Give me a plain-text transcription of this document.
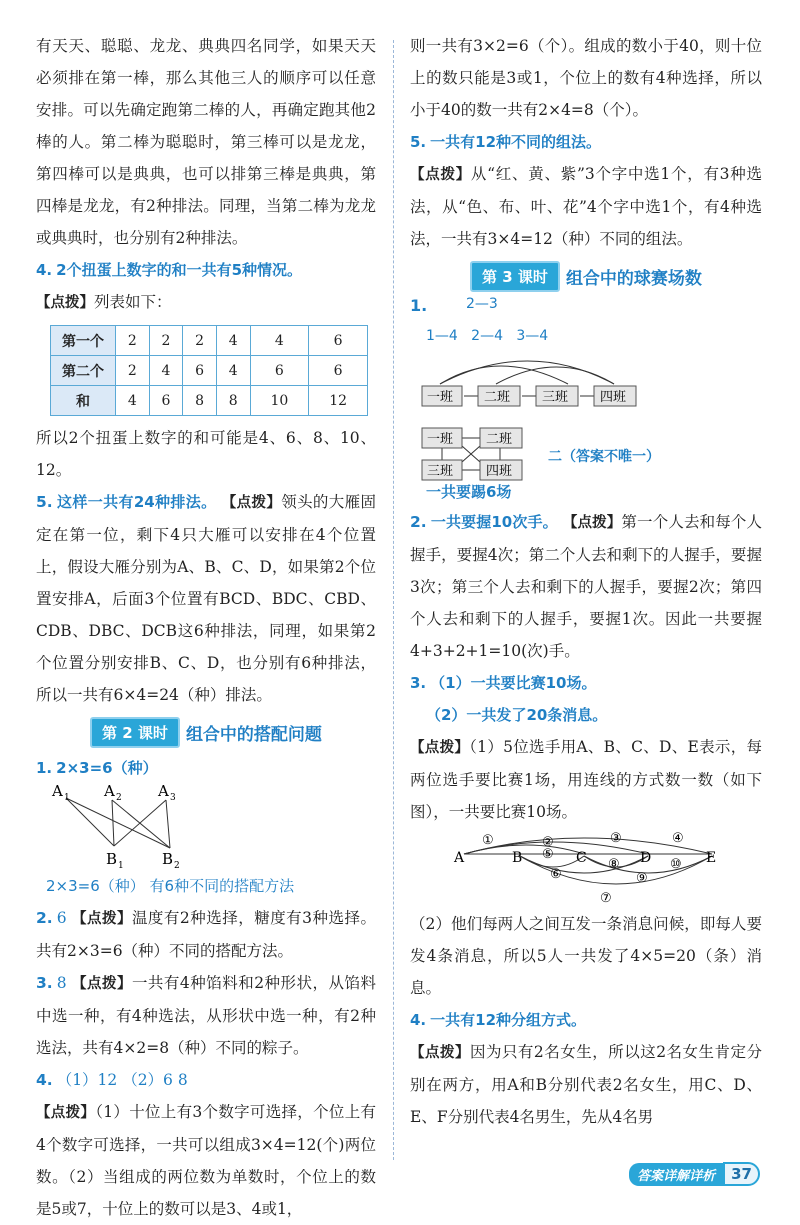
有天天、聪聪、龙龙、典典四名同学，如果天天必须排在第一棒，那么其他三人的顺序可以任意安排。可以先确定跑第二棒的人，再确定跑其他2棒的人。第二棒为聪聪时，第三棒可以是龙龙，第四棒可以是典典，也可以排第三棒是典典，第四棒是龙龙，有2种排法。同理，当第二棒为龙龙或典典时，也分别有2种排法。

4. 2个扭蛋上数字的和一共有5种情况。

【点拨】列表如下：

第一个	2	2	2	4	4	6
第二个	2	4	6	4	6	6
和	4	6	8	8	10	12

所以2个扭蛋上数字的和可能是4、6、8、10、12。

5. 这样一共有24种排法。 【点拨】领头的大雁固定在第一位，剩下4只大雁可以安排在4个位置上，假设大雁分别为A、B、C、D，如果第2个位置安排A，后面3个位置有BCD、BDC、CBD、CDB、DBC、DCB这6种排法，同理，如果第2个位置分别安排B、C、D，也分别有6种排法，所以一共有6×4=24（种）排法。

第 2 课时	组合中的搭配问题

1. 2×3=6（种）

A 1 A 2 A 3
B 1	B 2

2×3=6（种） 有6种不同的搭配方法

2. 6 【点拨】温度有2种选择，糖度有3种选择。共有2×3=6（种）不同的搭配方法。

3. 8 【点拨】一共有4种馅料和2种形状，从馅料中选一种，有4种选法，从形状中选一种，有2种选法，共有4×2=8（种）不同的粽子。

4. （1）12 （2）6 8

【点拨】（1）十位上有3个数字可选择，个位上有4个数字可选择，一共可以组成3×4=12(个)两位数。（2）当组成的两位数为单数时，个位上的数是5或7，十位上的数可以是3、4或1，

则一共有3×2=6（个）。组成的数小于40，则十位上的数只能是3或1，个位上的数有4种选择，所以小于40的数一共有2×4=8（个）。

5. 一共有12种不同的组法。

【点拨】从“红、黄、紫”3个字中选1个，有3种选法，从“色、布、叶、花”4个字中选1个，有4种选法，一共有3×4=12（种）不同的组法。

第 3 课时	组合中的球赛场数
1.	2—3
1—4   2—4   3—4
一班 二班 三班 四班
一班	二班
三班	四班
二（答案不唯一）
一共要踢6场

2. 一共要握10次手。 【点拨】第一个人去和每个人握手，要握4次；第二个人去和剩下的人握手，要握3次；第三个人去和剩下的人握手，要握2次；第四个人去和剩下的人握手，要握1次。因此一共要握4+3+2+1=10(次)手。

3. （1）一共要比赛10场。

（2）一共发了20条消息。

【点拨】（1）5位选手用A、B、C、D、E表示，每两位选手要比赛1场，用连线的方式数一数（如下图），一共要比赛10场。

A	B	C	D	E
①	②	③	④
⑤
⑥
⑦
⑧
⑨
⑩

（2）他们每两人之间互发一条消息问候，即每人要发4条消息，所以5人一共发了4×5=20（条）消息。

4. 一共有12种分组方式。

【点拨】因为只有2名女生，所以这2名女生肯定分别在两方，用A和B分别代表2名女生，用C、D、E、F分别代表4名男生，先从4名男

答案详解详析	37
